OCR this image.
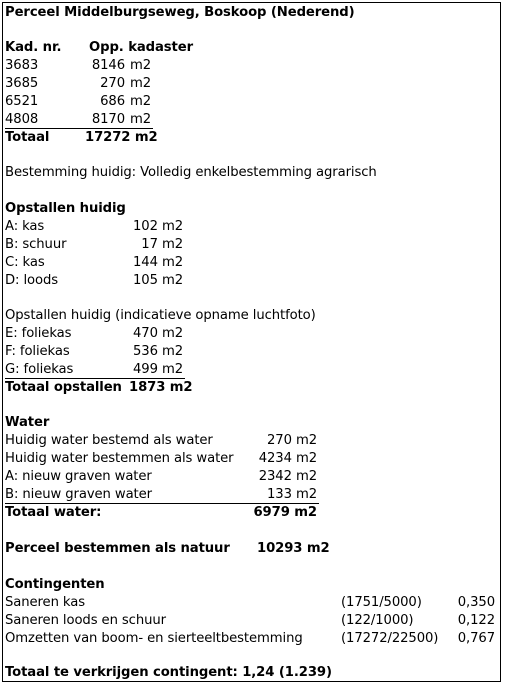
Perceel Middelburgseweg, Boskoop (Nederend)
Kad. nr. Opp. kadaster
3683	8146 m2
3685	270 m2
6521	686 m2
4808	8170 m2
Totaal	17272 m2
Bestemming huidig: Volledig enkelbestemming agrarisch
Opstallen huidig
A: kas	102 m2
B: schuur	17 m2
C: kas	144 m2
D: loods	105 m2
Opstallen huidig (indicatieve opname luchtfoto)
E: foliekas	470 m2
F: foliekas	536 m2
G: foliekas	499 m2
Totaal opstallen 1873 m2
Water
Huidig water bestemd als water	270 m2
Huidig water bestemmen als water	4234 m2
A: nieuw graven water	2342 m2
B: nieuw graven water	133 m2
Totaal water:	6979 m2
Perceel bestemmen als natuur 10293 m2
Contingenten
Saneren kas	(1751/5000)	0,350
Saneren loods en schuur	(122/1000)	0,122
Omzetten van boom- en sierteeltbestemming	(17272/22500)	0,767
Totaal te verkrijgen contingent: 1,24 (1.239)
